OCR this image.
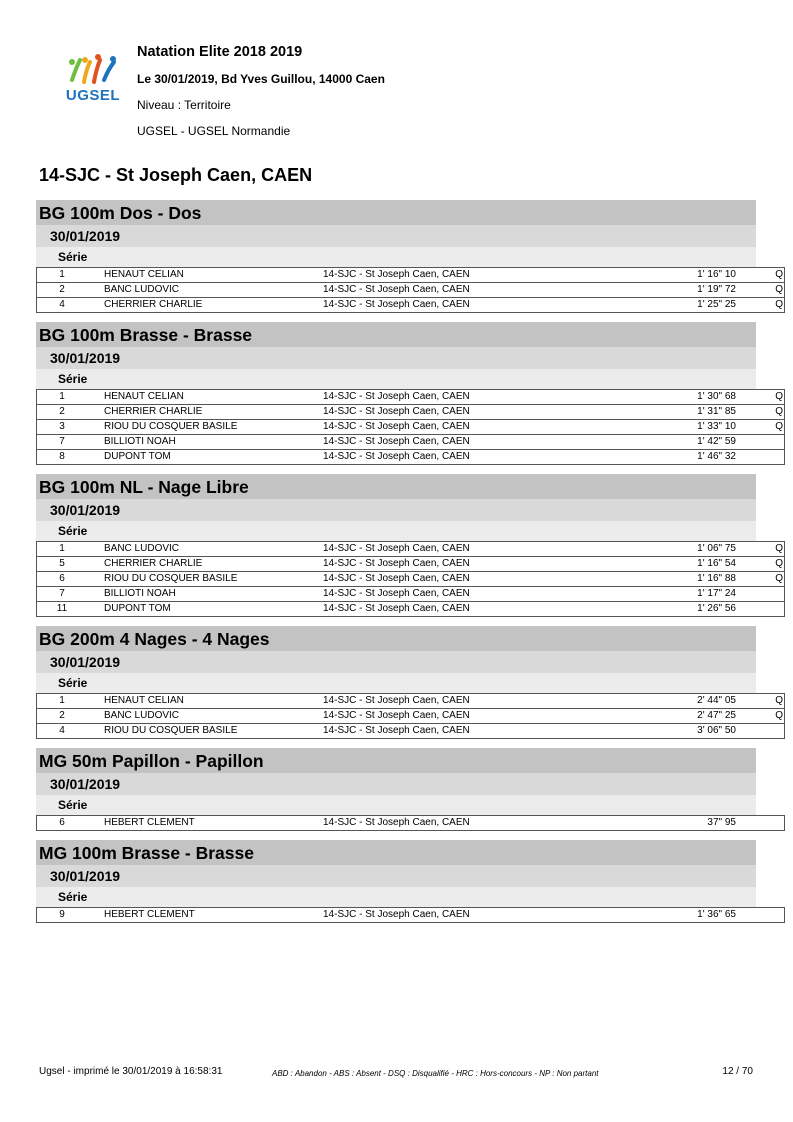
UGSEL
Natation Elite 2018 2019
Le 30/01/2019, Bd Yves Guillou, 14000 Caen
Niveau : Territoire
UGSEL - UGSEL Normandie
14-SJC - St Joseph Caen, CAEN
BG 100m Dos - Dos
30/01/2019
Série
1	HENAUT CELIAN	14-SJC - St Joseph Caen, CAEN	1' 16" 10	Q
2	BANC LUDOVIC	14-SJC - St Joseph Caen, CAEN	1' 19" 72	Q
4	CHERRIER CHARLIE	14-SJC - St Joseph Caen, CAEN	1' 25" 25	Q
BG 100m Brasse - Brasse
30/01/2019
Série
1	HENAUT CELIAN	14-SJC - St Joseph Caen, CAEN	1' 30" 68	Q
2	CHERRIER CHARLIE	14-SJC - St Joseph Caen, CAEN	1' 31" 85	Q
3	RIOU DU COSQUER BASILE	14-SJC - St Joseph Caen, CAEN	1' 33" 10	Q
7	BILLIOTI NOAH	14-SJC - St Joseph Caen, CAEN	1' 42" 59	
8	DUPONT TOM	14-SJC - St Joseph Caen, CAEN	1' 46" 32	
BG 100m NL - Nage Libre
30/01/2019
Série
1	BANC LUDOVIC	14-SJC - St Joseph Caen, CAEN	1' 06" 75	Q
5	CHERRIER CHARLIE	14-SJC - St Joseph Caen, CAEN	1' 16" 54	Q
6	RIOU DU COSQUER BASILE	14-SJC - St Joseph Caen, CAEN	1' 16" 88	Q
7	BILLIOTI NOAH	14-SJC - St Joseph Caen, CAEN	1' 17" 24	
11	DUPONT TOM	14-SJC - St Joseph Caen, CAEN	1' 26" 56	
BG 200m 4 Nages - 4 Nages
30/01/2019
Série
1	HENAUT CELIAN	14-SJC - St Joseph Caen, CAEN	2' 44" 05	Q
2	BANC LUDOVIC	14-SJC - St Joseph Caen, CAEN	2' 47" 25	Q
4	RIOU DU COSQUER BASILE	14-SJC - St Joseph Caen, CAEN	3' 06" 50	
MG 50m Papillon - Papillon
30/01/2019
Série
6	HEBERT CLEMENT	14-SJC - St Joseph Caen, CAEN	37" 95	
MG 100m Brasse - Brasse
30/01/2019
Série
9	HEBERT CLEMENT	14-SJC - St Joseph Caen, CAEN	1' 36" 65	
Ugsel - imprimé le 30/01/2019 à 16:58:31	ABD : Abandon - ABS : Absent - DSQ : Disqualifié - HRC : Hors-concours - NP : Non partant	12 / 70
